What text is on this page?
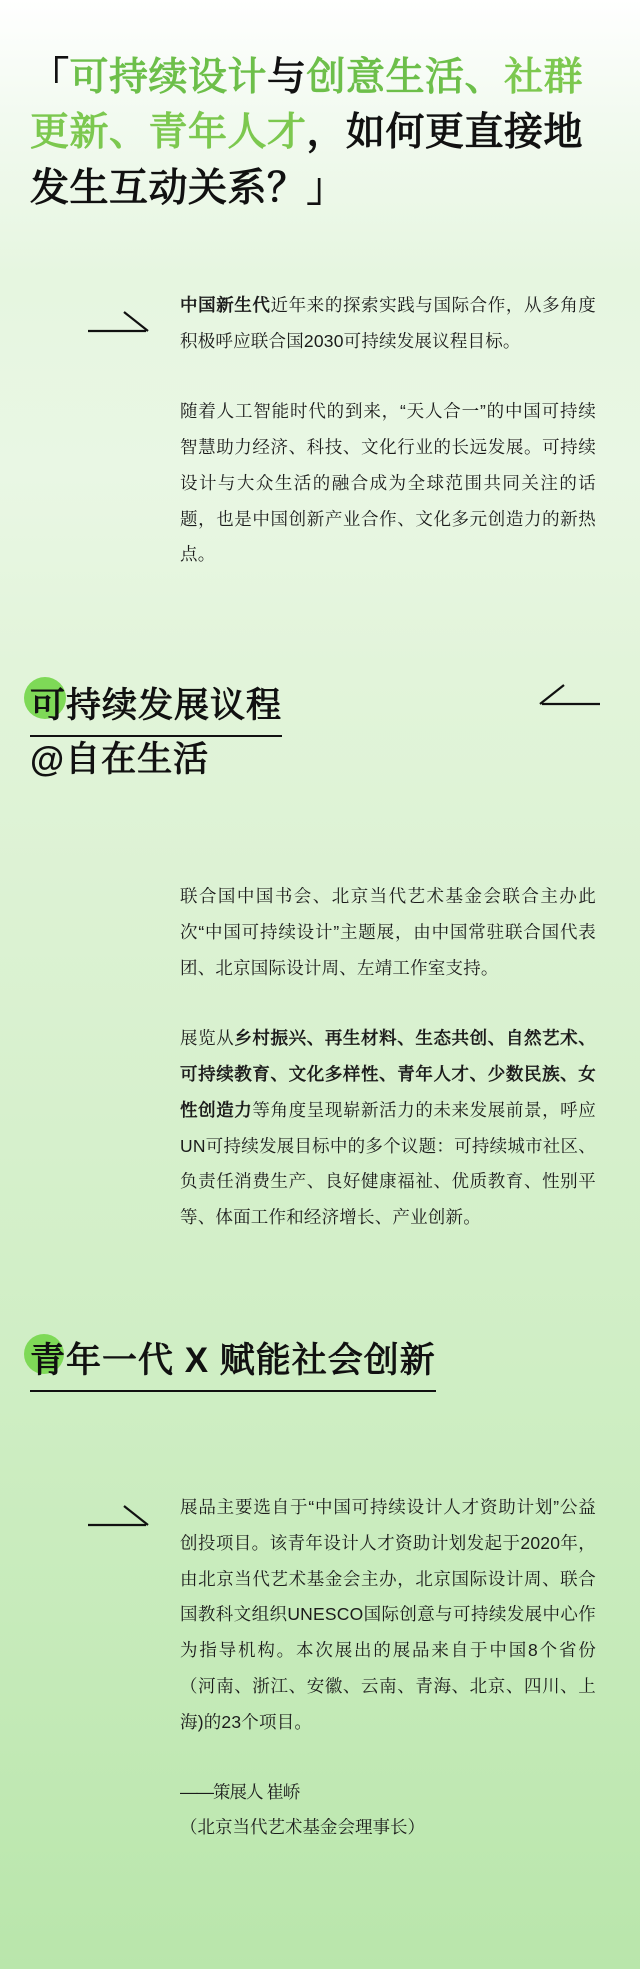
「可持续设计与创意生活、社群更新、青年人才，如何更直接地发生互动关系？」

中国新生代近年来的探索实践与国际合作，从多角度积极呼应联合国2030可持续发展议程目标。

随着人工智能时代的到来，“天人合一”的中国可持续智慧助力经济、科技、文化行业的长远发展。可持续设计与大众生活的融合成为全球范围共同关注的话题，也是中国创新产业合作、文化多元创造力的新热点。

可持续发展议程
@自在生活

联合国中国书会、北京当代艺术基金会联合主办此次“中国可持续设计”主题展，由中国常驻联合国代表团、北京国际设计周、左靖工作室支持。

展览从乡村振兴、再生材料、生态共创、自然艺术、可持续教育、文化多样性、青年人才、少数民族、女性创造力等角度呈现崭新活力的未来发展前景，呼应UN可持续发展目标中的多个议题：可持续城市社区、负责任消费生产、良好健康福祉、优质教育、性别平等、体面工作和经济增长、产业创新。

青年一代 X 赋能社会创新

展品主要选自于“中国可持续设计人才资助计划”公益创投项目。该青年设计人才资助计划发起于2020年，由北京当代艺术基金会主办，北京国际设计周、联合国教科文组织UNESCO国际创意与可持续发展中心作为指导机构。本次展出的展品来自于中国8个省份（河南、浙江、安徽、云南、青海、北京、四川、上海)的23个项目。

——策展人 崔峤
（北京当代艺术基金会理事长）
